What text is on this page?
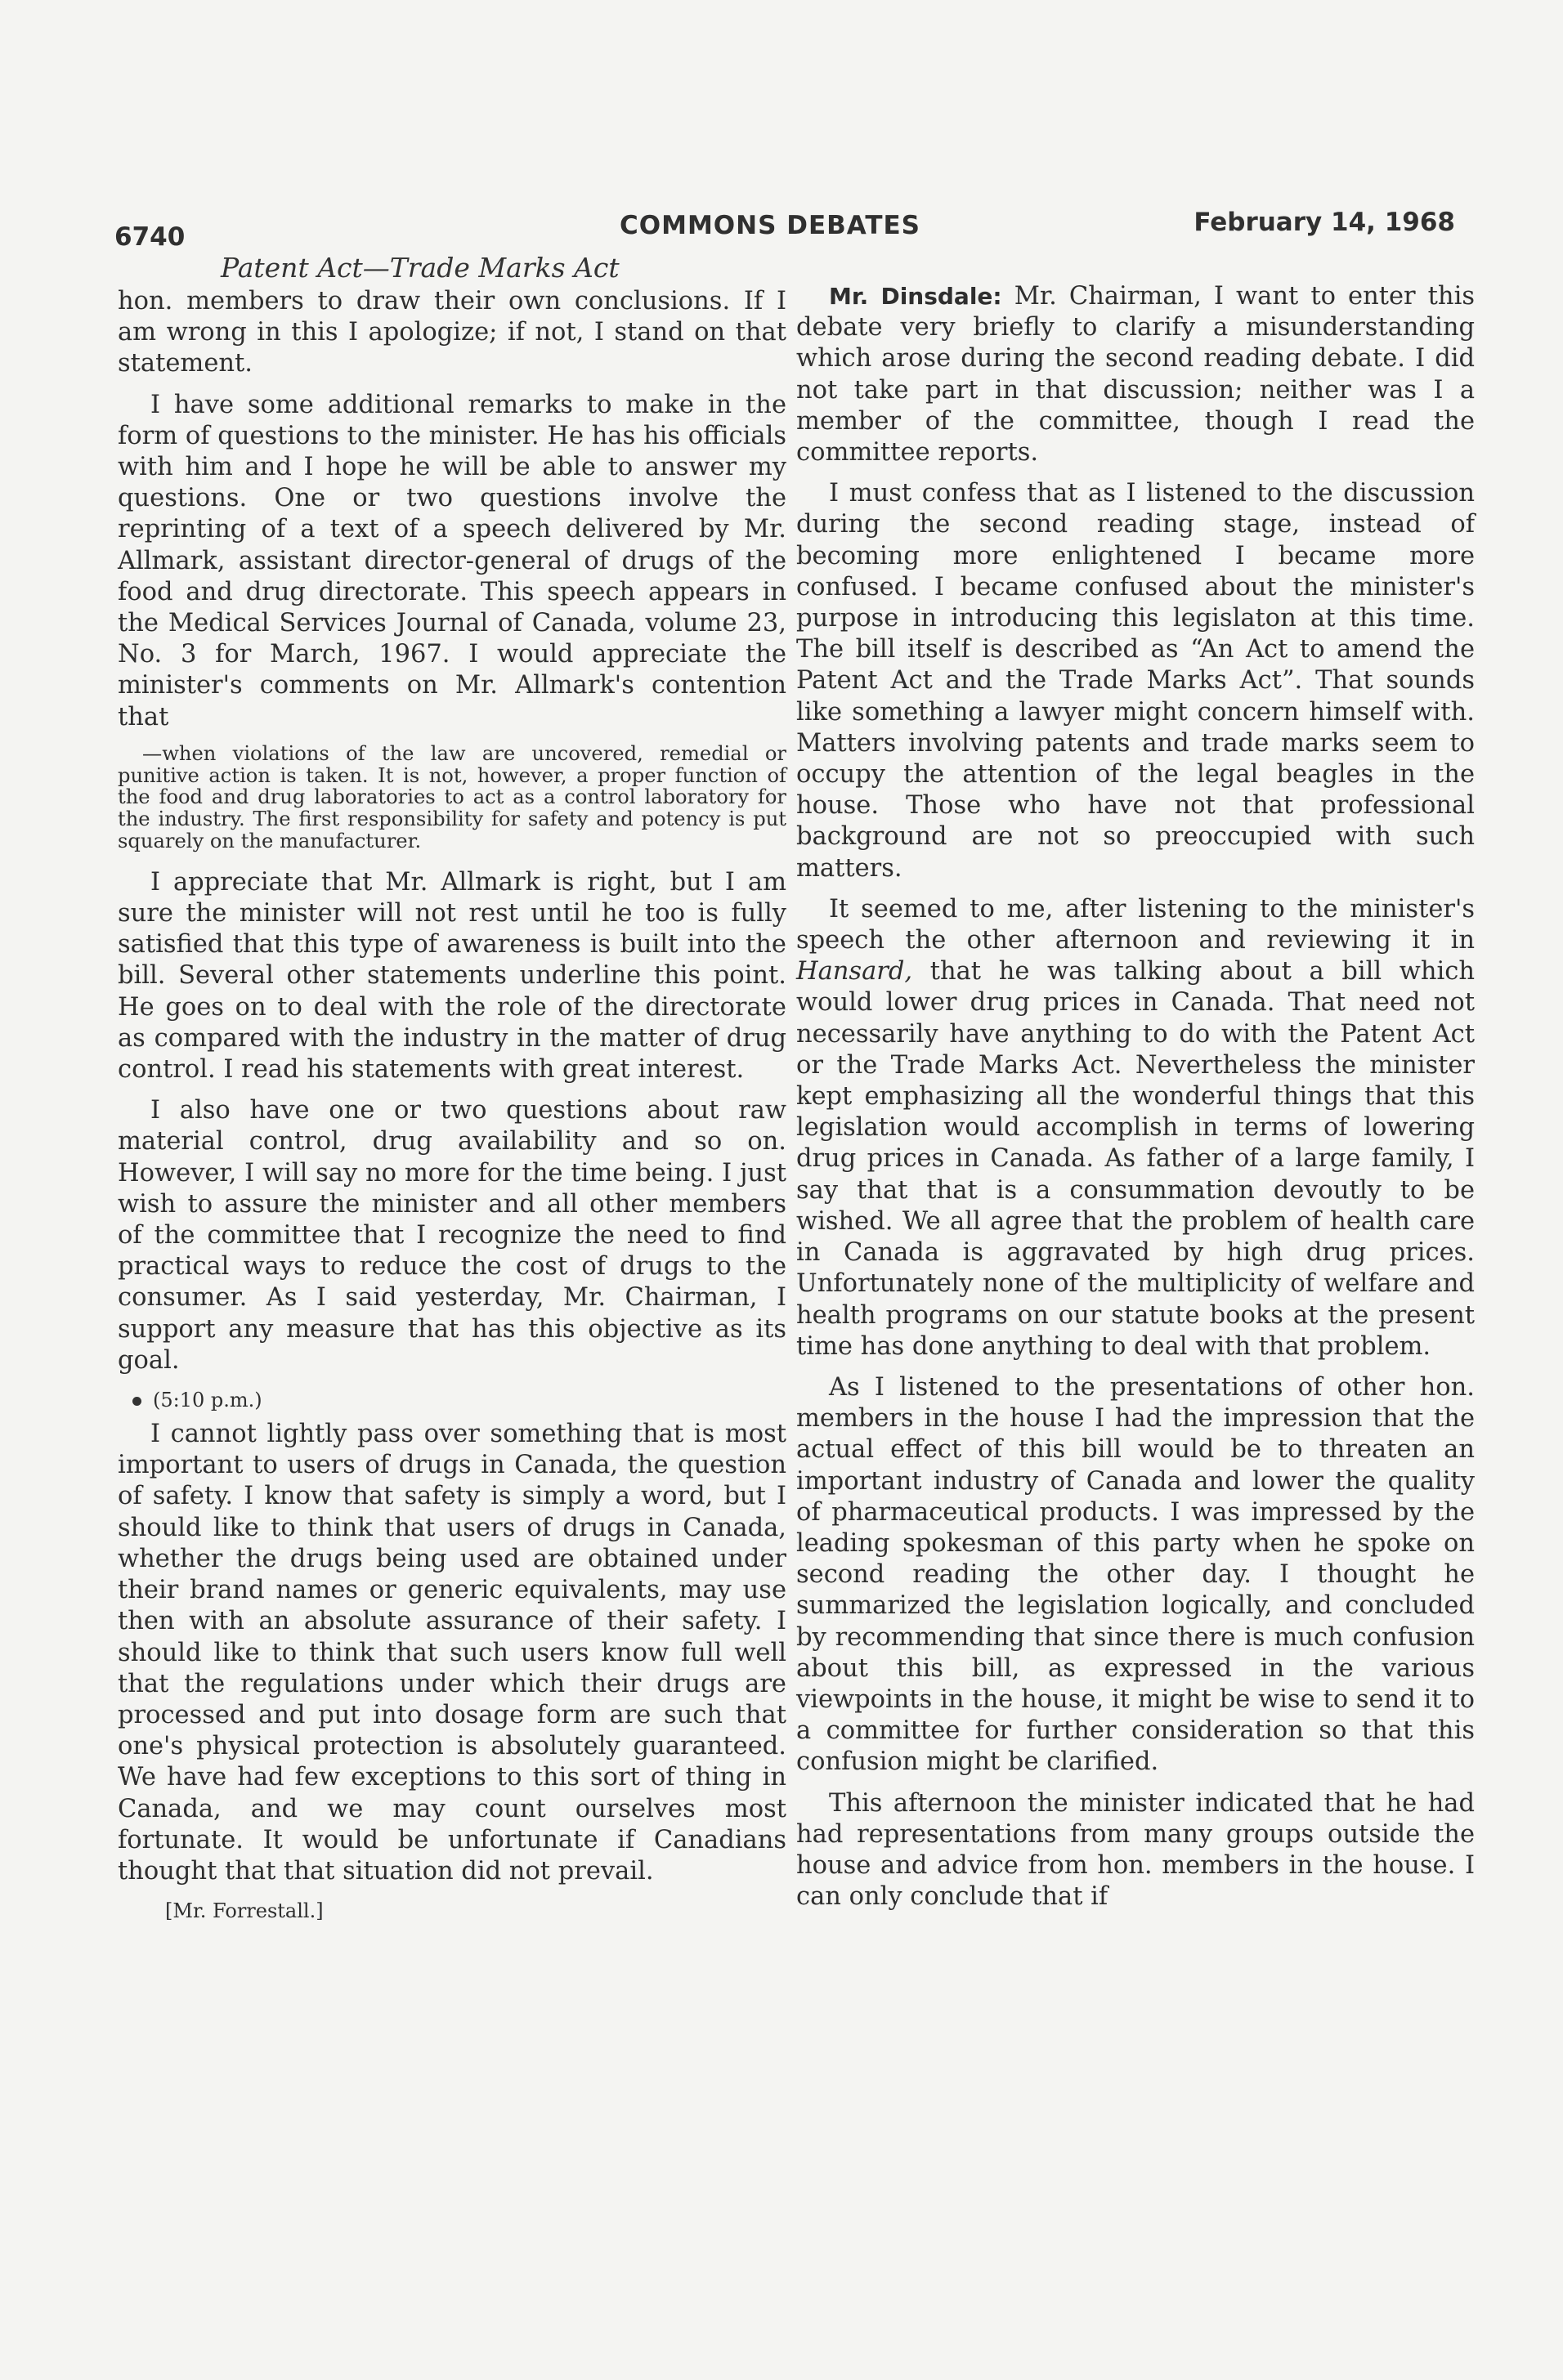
6740	COMMONS DEBATES	February 14, 1968
Patent Act—Trade Marks Act

hon. members to draw their own conclusions. If I am wrong in this I apologize; if not, I stand on that statement.

I have some additional remarks to make in the form of questions to the minister. He has his officials with him and I hope he will be able to answer my questions. One or two questions involve the reprinting of a text of a speech delivered by Mr. Allmark, assistant director-general of drugs of the food and drug directorate. This speech appears in the Medical Services Journal of Canada, volume 23, No. 3 for March, 1967. I would appreciate the minister's comments on Mr. Allmark's contention that

—when violations of the law are uncovered, remedial or punitive action is taken. It is not, however, a proper function of the food and drug laboratories to act as a control laboratory for the industry. The first responsibility for safety and potency is put squarely on the manufacturer.

I appreciate that Mr. Allmark is right, but I am sure the minister will not rest until he too is fully satisfied that this type of awareness is built into the bill. Several other statements underline this point. He goes on to deal with the role of the directorate as compared with the industry in the matter of drug control. I read his statements with great interest.

I also have one or two questions about raw material control, drug availability and so on. However, I will say no more for the time being. I just wish to assure the minister and all other members of the committee that I recognize the need to find practical ways to reduce the cost of drugs to the consumer. As I said yesterday, Mr. Chairman, I support any measure that has this objective as its goal.

(5:10 p.m.)

I cannot lightly pass over something that is most important to users of drugs in Canada, the question of safety. I know that safety is simply a word, but I should like to think that users of drugs in Canada, whether the drugs being used are obtained under their brand names or generic equivalents, may use then with an absolute assurance of their safety. I should like to think that such users know full well that the regulations under which their drugs are processed and put into dosage form are such that one's physical protection is absolutely guaranteed. We have had few exceptions to this sort of thing in Canada, and we may count ourselves most fortunate. It would be unfortunate if Canadians thought that that situation did not prevail.

[Mr. Forrestall.]

Mr. Dinsdale: Mr. Chairman, I want to enter this debate very briefly to clarify a misunderstanding which arose during the second reading debate. I did not take part in that discussion; neither was I a member of the committee, though I read the committee reports.

I must confess that as I listened to the discussion during the second reading stage, instead of becoming more enlightened I became more confused. I became confused about the minister's purpose in introducing this legislaton at this time. The bill itself is described as “An Act to amend the Patent Act and the Trade Marks Act”. That sounds like something a lawyer might concern himself with. Matters involving patents and trade marks seem to occupy the attention of the legal beagles in the house. Those who have not that professional background are not so preoccupied with such matters.

It seemed to me, after listening to the minister's speech the other afternoon and reviewing it in Hansard, that he was talking about a bill which would lower drug prices in Canada. That need not necessarily have anything to do with the Patent Act or the Trade Marks Act. Nevertheless the minister kept emphasizing all the wonderful things that this legislation would accomplish in terms of lowering drug prices in Canada. As father of a large family, I say that that is a consummation devoutly to be wished. We all agree that the problem of health care in Canada is aggravated by high drug prices. Unfortunately none of the multiplicity of welfare and health programs on our statute books at the present time has done anything to deal with that problem.

As I listened to the presentations of other hon. members in the house I had the impression that the actual effect of this bill would be to threaten an important industry of Canada and lower the quality of pharmaceutical products. I was impressed by the leading spokesman of this party when he spoke on second reading the other day. I thought he summarized the legislation logically, and concluded by recommending that since there is much confusion about this bill, as expressed in the various viewpoints in the house, it might be wise to send it to a committee for further consideration so that this confusion might be clarified.

This afternoon the minister indicated that he had had representations from many groups outside the house and advice from hon. members in the house. I can only conclude that if
